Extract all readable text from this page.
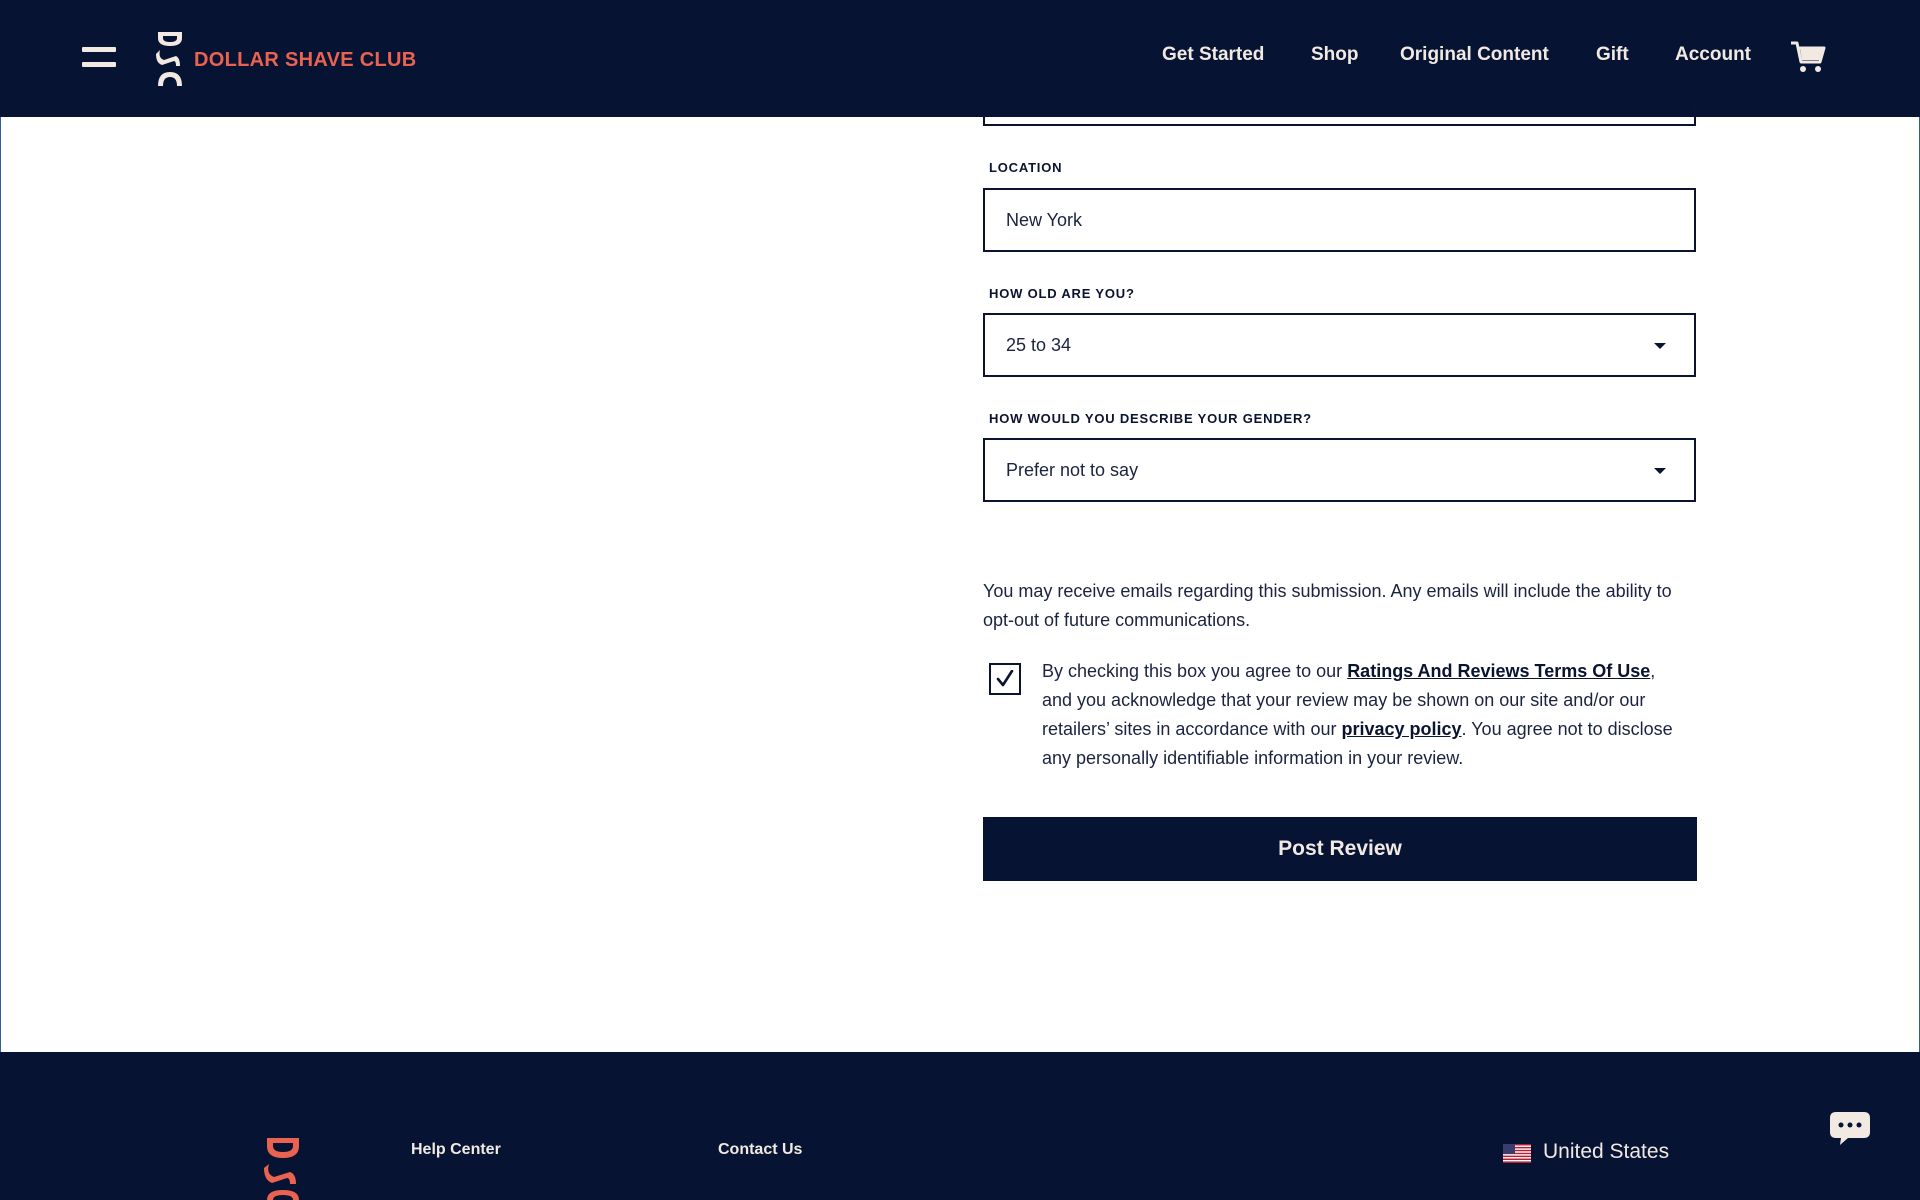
DOLLAR SHAVE CLUB	Get Started Shop Original Content Gift Account
LOCATION
New York
HOW OLD ARE YOU?
25 to 34
HOW WOULD YOU DESCRIBE YOUR GENDER?
Prefer not to say

You may receive emails regarding this submission. Any emails will include the ability to opt-out of future communications.

By checking this box you agree to our Ratings And Reviews Terms Of Use, and you acknowledge that your review may be shown on our site and/or our retailers’ sites in accordance with our privacy policy. You agree not to disclose any personally identifiable information in your review.

Post Review
Help Center	Contact Us	United States
